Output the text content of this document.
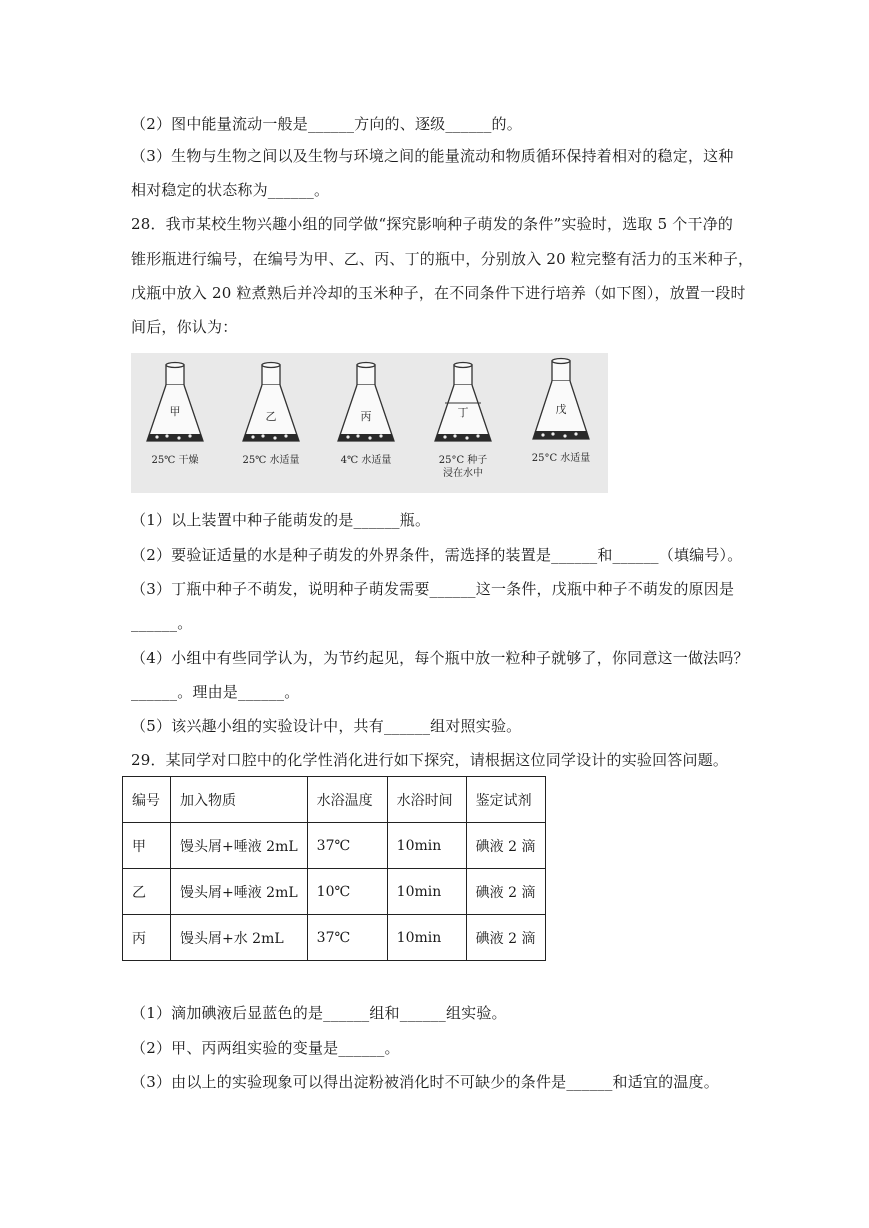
（2）图中能量流动一般是______方向的、逐级______的。
（3）生物与生物之间以及生物与环境之间的能量流动和物质循环保持着相对的稳定，这种
相对稳定的状态称为______。
28．我市某校生物兴趣小组的同学做“探究影响种子萌发的条件”实验时，选取 5 个干净的
锥形瓶进行编号，在编号为甲、乙、丙、丁的瓶中，分别放入 20 粒完整有活力的玉米种子，
戊瓶中放入 20 粒煮熟后并冷却的玉米种子，在不同条件下进行培养（如下图），放置一段时
间后，你认为：
甲
25℃ 干燥
乙
25℃ 水适量
丙
4℃ 水适量
丁
25°C 种子
浸在水中
戊
25°C 水适量
（1）以上装置中种子能萌发的是______瓶。
（2）要验证适量的水是种子萌发的外界条件，需选择的装置是______和______（填编号）。
（3）丁瓶中种子不萌发，说明种子萌发需要______这一条件，戊瓶中种子不萌发的原因是
______。
（4）小组中有些同学认为，为节约起见，每个瓶中放一粒种子就够了，你同意这一做法吗？
______。理由是______。
（5）该兴趣小组的实验设计中，共有______组对照实验。
29．某同学对口腔中的化学性消化进行如下探究，请根据这位同学设计的实验回答问题。
编号	加入物质	水浴温度	水浴时间	鉴定试剂
甲	馒头屑+唾液 2mL	37℃	10min	碘液 2 滴
乙	馒头屑+唾液 2mL	10℃	10min	碘液 2 滴
丙	馒头屑+水 2mL	37℃	10min	碘液 2 滴
（1）滴加碘液后显蓝色的是______组和______组实验。
（2）甲、丙两组实验的变量是______。
（3）由以上的实验现象可以得出淀粉被消化时不可缺少的条件是______和适宜的温度。
